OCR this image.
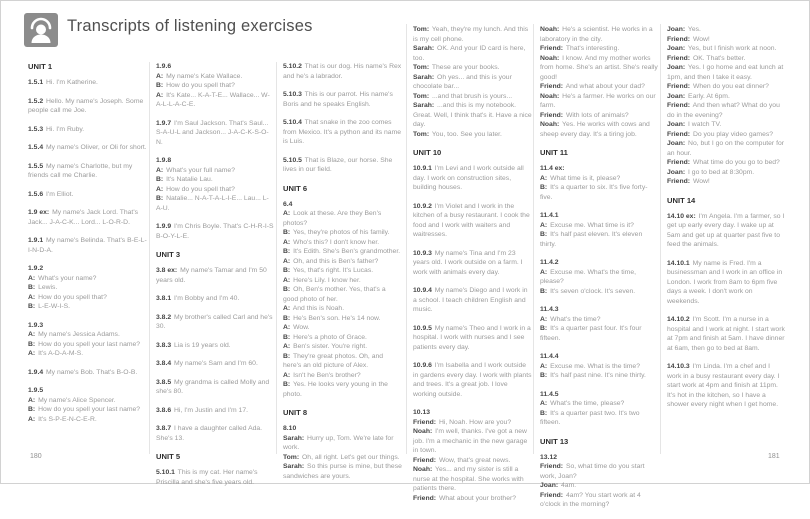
Transcripts of listening exercises
UNIT 1

1.5.1 Hi. I'm Katherine.

1.5.2 Hello. My name's Joseph. Some people call me Joe.

1.5.3 Hi. I'm Ruby.

1.5.4 My name's Oliver, or Oli for short.

1.5.5 My name's Charlotte, but my friends call me Charlie.

1.5.6 I'm Elliot.

1.9 ex: My name's Jack Lord. That's Jack... J-A-C-K... Lord... L-O-R-D.

1.9.1 My name's Belinda. That's B-E-L-I-N-D-A.

1.9.2

A: What's your name?

B: Lewis.

A: How do you spell that?

B: L-E-W-I-S.

1.9.3

A: My name's Jessica Adams.

B: How do you spell your last name?

A: It's A-D-A-M-S.

1.9.4 My name's Bob. That's B-O-B.

1.9.5

A: My name's Alice Spencer.

B: How do you spell your last name?

A: It's S-P-E-N-C-E-R.

1.9.6

A: My name's Kate Wallace.

B: How do you spell that?

A: It's Kate... K-A-T-E... Wallace... W-A-L-L-A-C-E.

1.9.7 I'm Saul Jackson. That's Saul... S-A-U-L and Jackson... J-A-C-K-S-O-N.

1.9.8

A: What's your full name?

B: It's Natalie Lau.

A: How do you spell that?

B: Natalie... N-A-T-A-L-I-E... Lau... L-A-U.

1.9.9 I'm Chris Boyle. That's C-H-R-I-S B-O-Y-L-E.

UNIT 3

3.8 ex: My name's Tamar and I'm 50 years old.

3.8.1 I'm Bobby and I'm 40.

3.8.2 My brother's called Carl and he's 30.

3.8.3 Lia is 19 years old.

3.8.4 My name's Sam and I'm 60.

3.8.5 My grandma is called Molly and she's 80.

3.8.6 Hi, I'm Justin and I'm 17.

3.8.7 I have a daughter called Ada. She's 13.

UNIT 5

5.10.1 This is my cat. Her name's Priscilla and she's five years old.

5.10.2 That is our dog. His name's Rex and he's a labrador.

5.10.3 This is our parrot. His name's Boris and he speaks English.

5.10.4 That snake in the zoo comes from Mexico. It's a python and its name is Luis.

5.10.5 That is Blaze, our horse. She lives in our field.

UNIT 6

6.4

A: Look at these. Are they Ben's photos?

B: Yes, they're photos of his family.

A: Who's this? I don't know her.

B: It's Edith. She's Ben's grandmother.

A: Oh, and this is Ben's father?

B: Yes, that's right. It's Lucas.

A: Here's Lily. I know her.

B: Oh, Ben's mother. Yes, that's a good photo of her.

A: And this is Noah.

B: He's Ben's son. He's 14 now.

A: Wow.

B: Here's a photo of Grace.

A: Ben's sister. You're right.

B: They're great photos. Oh, and here's an old picture of Alex.

A: Isn't he Ben's brother?

B: Yes. He looks very young in the photo.

UNIT 8

8.10

Sarah: Hurry up, Tom. We're late for work.

Tom: Oh, all right. Let's get our things.

Sarah: So this purse is mine, but these sandwiches are yours.

Tom: Yeah, they're my lunch. And this is my cell phone.

Sarah: OK. And your ID card is here, too.

Tom: These are your books.

Sarah: Oh yes... and this is your chocolate bar...

Tom: ...and that brush is yours...

Sarah: ...and this is my notebook. Great. Well, I think that's it. Have a nice day.

Tom: You, too. See you later.

UNIT 10

10.9.1 I'm Levi and I work outside all day. I work on construction sites, building houses.

10.9.2 I'm Violet and I work in the kitchen of a busy restaurant. I cook the food and I work with waiters and waitresses.

10.9.3 My name's Tina and I'm 23 years old. I work outside on a farm. I work with animals every day.

10.9.4 My name's Diego and I work in a school. I teach children English and music.

10.9.5 My name's Theo and I work in a hospital. I work with nurses and I see patients every day.

10.9.6 I'm Isabella and I work outside in gardens every day. I work with plants and trees. It's a great job. I love working outside.

10.13

Friend: Hi, Noah. How are you?

Noah: I'm well, thanks. I've got a new job. I'm a mechanic in the new garage in town.

Friend: Wow, that's great news.

Noah: Yes... and my sister is still a nurse at the hospital. She works with patients there.

Friend: What about your brother?

Noah: He's a scientist. He works in a laboratory in the city.

Friend: That's interesting.

Noah: I know. And my mother works from home. She's an artist. She's really good!

Friend: And what about your dad?

Noah: He's a farmer. He works on our farm.

Friend: With lots of animals?

Noah: Yes. He works with cows and sheep every day. It's a tiring job.

UNIT 11

11.4 ex:

A: What time is it, please?

B: It's a quarter to six. It's five forty-five.

11.4.1

A: Excuse me. What time is it?

B: It's half past eleven. It's eleven thirty.

11.4.2

A: Excuse me. What's the time, please?

B: It's seven o'clock. It's seven.

11.4.3

A: What's the time?

B: It's a quarter past four. It's four fifteen.

11.4.4

A: Excuse me. What is the time?

B: It's half past nine. It's nine thirty.

11.4.5

A: What's the time, please?

B: It's a quarter past two. It's two fifteen.

UNIT 13

13.12

Friend: So, what time do you start work, Joan?

Joan: 4am.

Friend: 4am? You start work at 4 o'clock in the morning?

Joan: Yes.

Friend: Wow!

Joan: Yes, but I finish work at noon.

Friend: OK. That's better.

Joan: Yes. I go home and eat lunch at 1pm, and then I take it easy.

Friend: When do you eat dinner?

Joan: Early. At 6pm.

Friend: And then what? What do you do in the evening?

Joan: I watch TV.

Friend: Do you play video games?

Joan: No, but I go on the computer for an hour.

Friend: What time do you go to bed?

Joan: I go to bed at 8:30pm.

Friend: Wow!

UNIT 14

14.10 ex: I'm Angela. I'm a farmer, so I get up early every day. I wake up at 5am and get up at quarter past five to feed the animals.

14.10.1 My name is Fred. I'm a businessman and I work in an office in London. I work from 8am to 6pm five days a week. I don't work on weekends.

14.10.2 I'm Scott. I'm a nurse in a hospital and I work at night. I start work at 7pm and finish at 5am. I have dinner at 6am, then go to bed at 8am.

14.10.3 I'm Linda. I'm a chef and I work in a busy restaurant every day. I start work at 4pm and finish at 11pm. It's hot in the kitchen, so I have a shower every night when I get home.

180	181
